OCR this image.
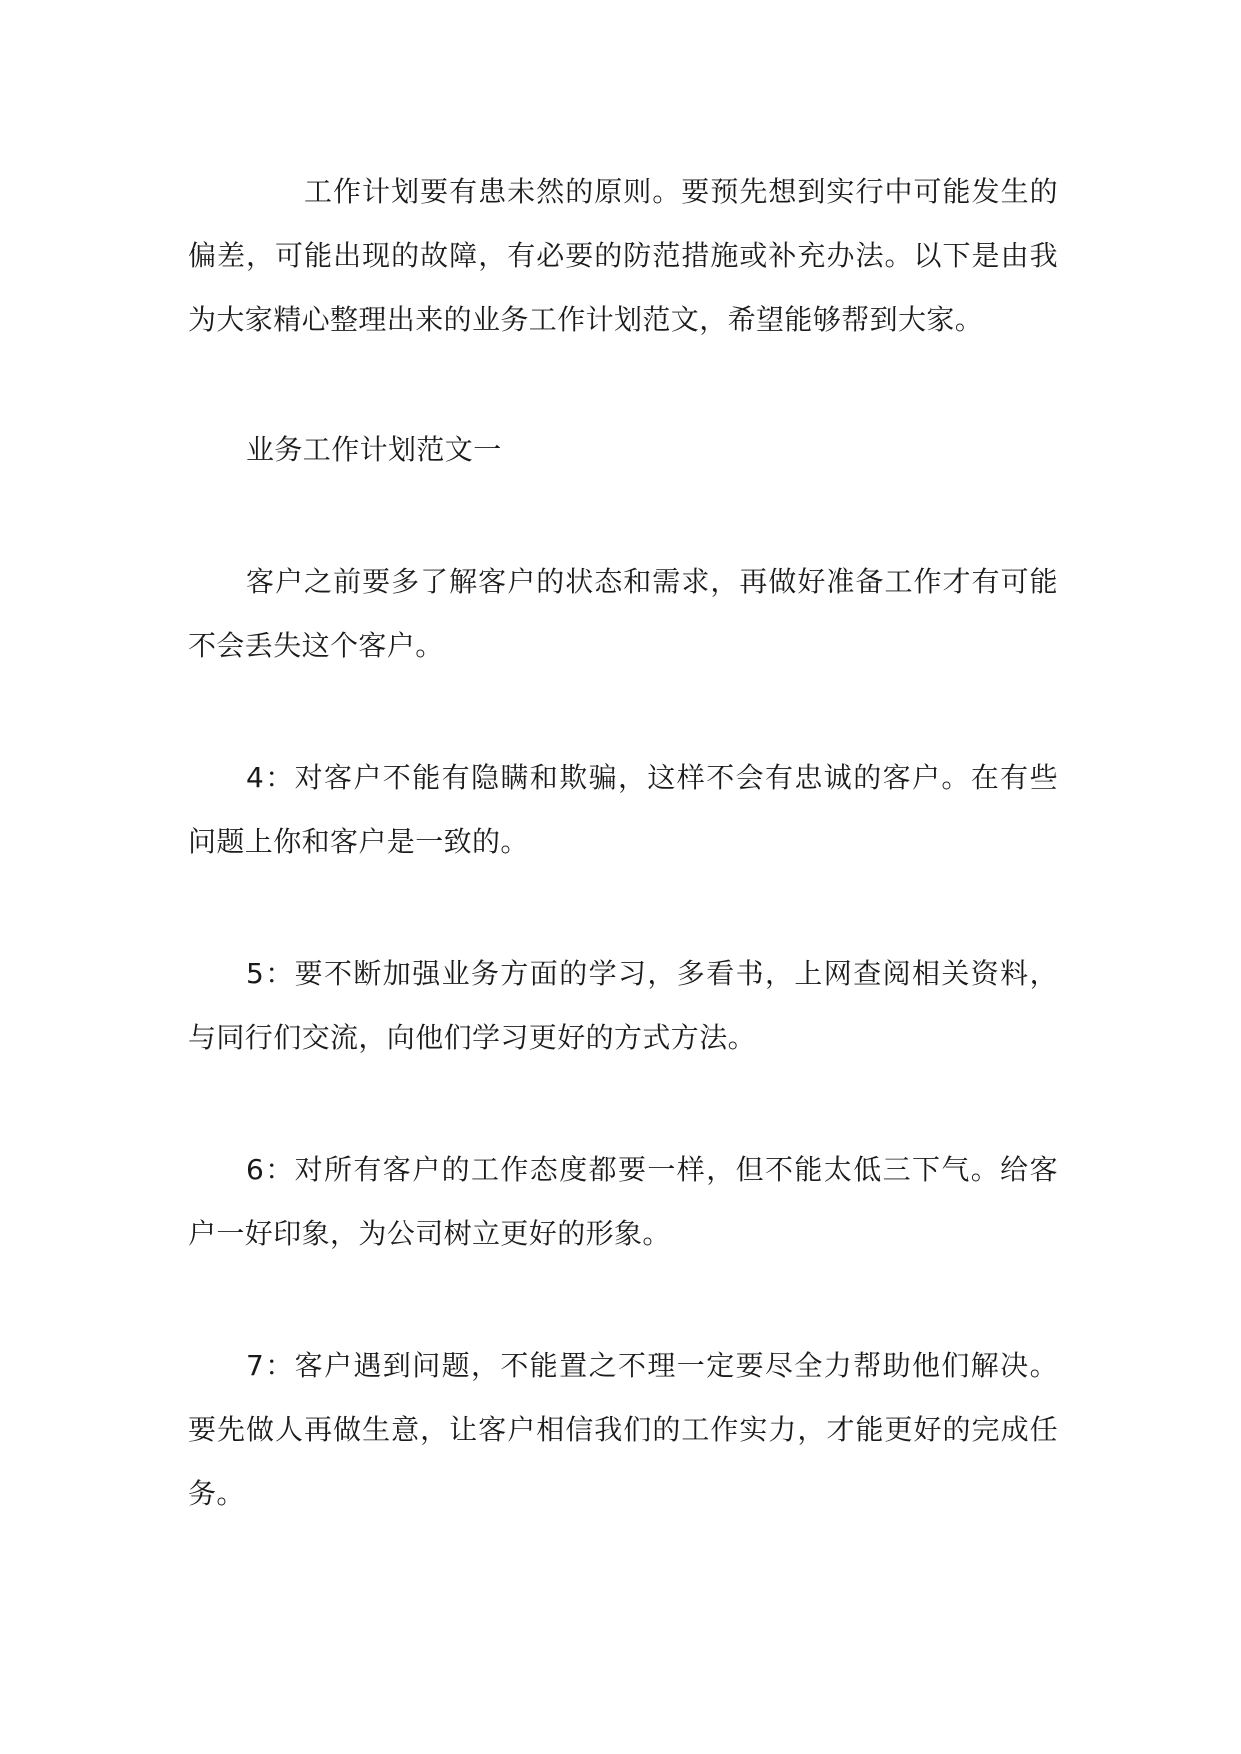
工作计划要有患未然的原则。要预先想到实行中可能发生的偏差，可能出现的故障，有必要的防范措施或补充办法。以下是由我为大家精心整理出来的业务工作计划范文，希望能够帮到大家。

业务工作计划范文一

客户之前要多了解客户的状态和需求，再做好准备工作才有可能不会丢失这个客户。

4：对客户不能有隐瞒和欺骗，这样不会有忠诚的客户。在有些问题上你和客户是一致的。

5：要不断加强业务方面的学习，多看书，上网查阅相关资料，与同行们交流，向他们学习更好的方式方法。

6：对所有客户的工作态度都要一样，但不能太低三下气。给客户一好印象，为公司树立更好的形象。

7：客户遇到问题，不能置之不理一定要尽全力帮助他们解决。要先做人再做生意，让客户相信我们的工作实力，才能更好的完成任务。
